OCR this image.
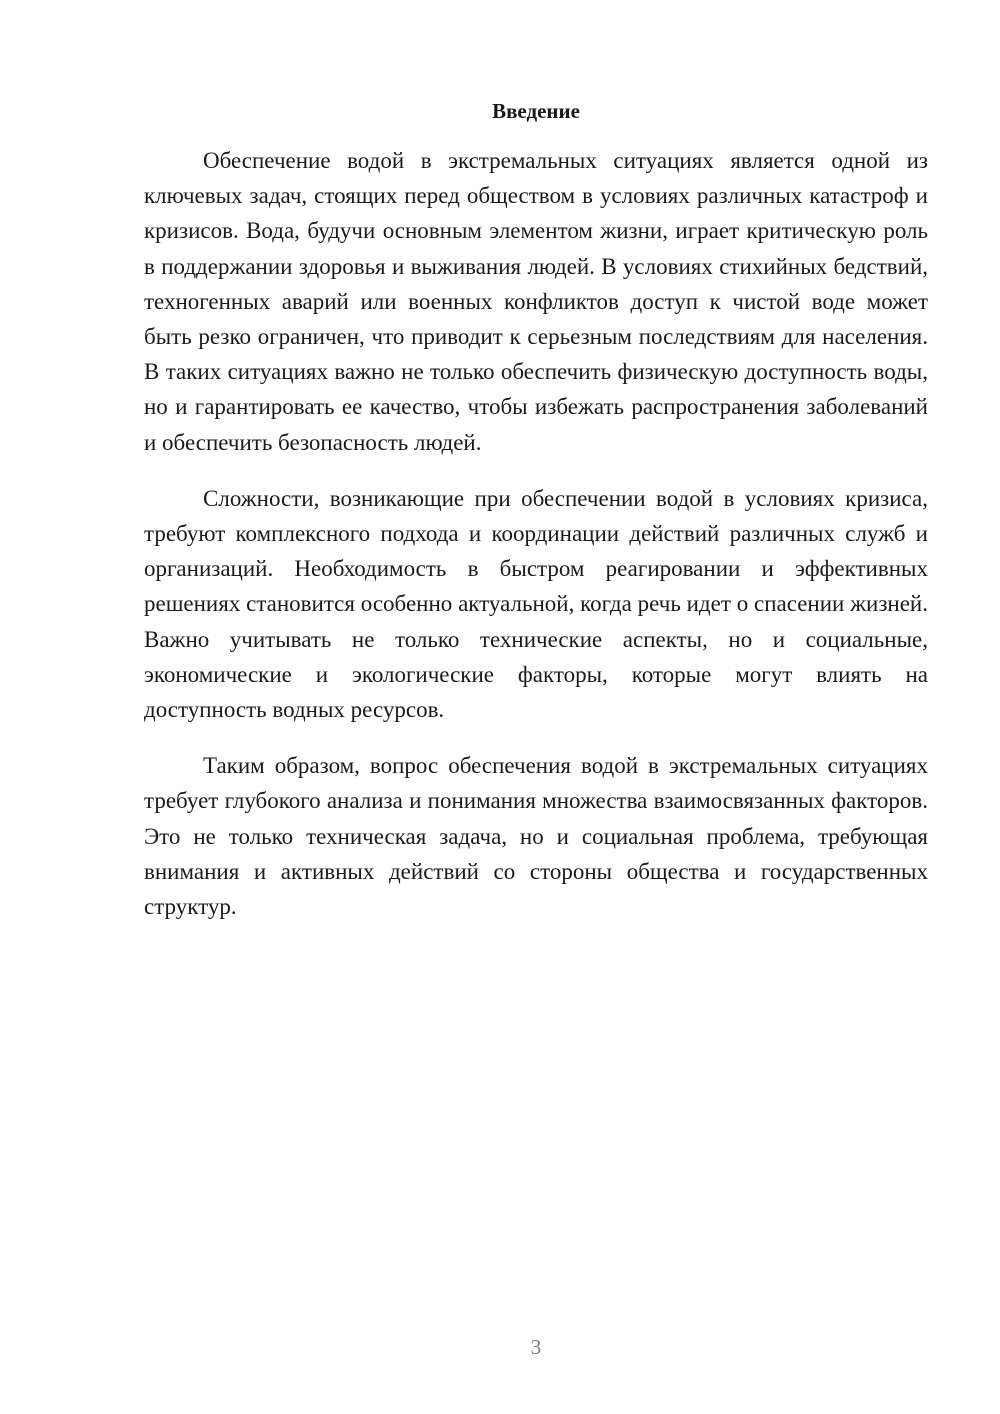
Введение

Обеспечение водой в экстремальных ситуациях является одной из ключевых задач, стоящих перед обществом в условиях различных катастроф и кризисов. Вода, будучи основным элементом жизни, играет критическую роль в поддержании здоровья и выживания людей. В условиях стихийных бедствий, техногенных аварий или военных конфликтов доступ к чистой воде может быть резко ограничен, что приводит к серьезным последствиям для населения. В таких ситуациях важно не только обеспечить физическую доступность воды, но и гарантировать ее качество, чтобы избежать распространения заболеваний и обеспечить безопасность людей.

Сложности, возникающие при обеспечении водой в условиях кризиса, требуют комплексного подхода и координации действий различных служб и организаций. Необходимость в быстром реагировании и эффективных решениях становится особенно актуальной, когда речь идет о спасении жизней. Важно учитывать не только технические аспекты, но и социальные, экономические и экологические факторы, которые могут влиять на доступность водных ресурсов.

Таким образом, вопрос обеспечения водой в экстремальных ситуациях требует глубокого анализа и понимания множества взаимосвязанных факторов. Это не только техническая задача, но и социальная проблема, требующая внимания и активных действий со стороны общества и государственных структур.

3
